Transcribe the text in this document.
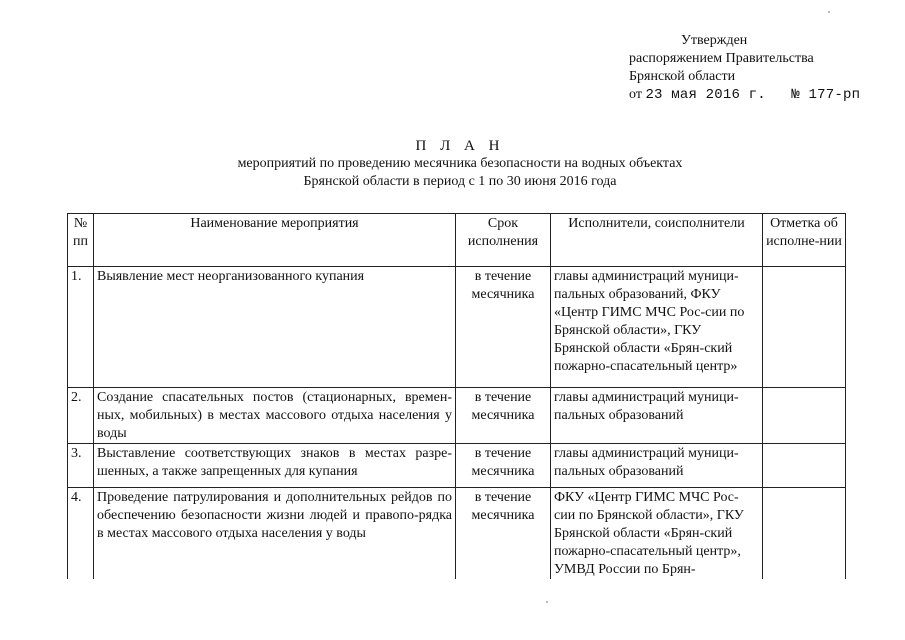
Утвержден
распоряжением Правительства
Брянской области
от 23 мая 2016 г. № 177-рп
П Л А Н
мероприятий по проведению месячника безопасности на водных объектах
Брянской области в период с 1 по 30 июня 2016 года
№ пп	Наименование мероприятия	Срок исполнения	Исполнители, соисполнители	Отметка об исполне-нии
1.	Выявление мест неорганизованного купания	в течение месячника	главы администраций муници-пальных образований, ФКУ «Центр ГИМС МЧС Рос-сии по Брянской области», ГКУ Брянской области «Брян-ский пожарно-спасательный центр»	
2.	Создание спасательных постов (стационарных, времен-ных, мобильных) в местах массового отдыха населения у воды	в течение месячника	главы администраций муници-пальных образований	
3.	Выставление соответствующих знаков в местах разре-шенных, а также запрещенных для купания	в течение месячника	главы администраций муници-пальных образований	
4.	Проведение патрулирования и дополнительных рейдов по обеспечению безопасности жизни людей и правопо-рядка в местах массового отдыха населения у воды	в течение месячника	ФКУ «Центр ГИМС МЧС Рос-сии по Брянской области», ГКУ Брянской области «Брян-ский пожарно-спасательный центр», УМВД России по Брян-	
